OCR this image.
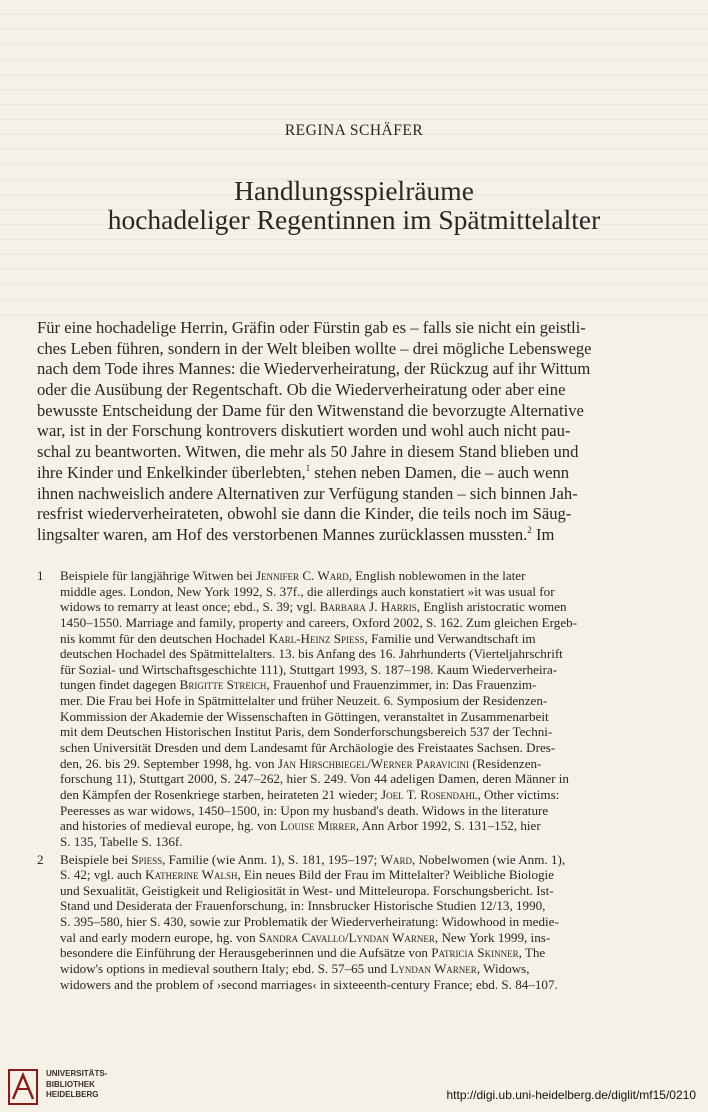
REGINA SCHÄFER
Handlungsspielräume
hochadeliger Regentinnen im Spätmittelalter
Für eine hochadelige Herrin, Gräfin oder Fürstin gab es – falls sie nicht ein geistli-
ches Leben führen, sondern in der Welt bleiben wollte – drei mögliche Lebenswege
nach dem Tode ihres Mannes: die Wiederverheiratung, der Rückzug auf ihr Wittum
oder die Ausübung der Regentschaft. Ob die Wiederverheiratung oder aber eine
bewusste Entscheidung der Dame für den Witwenstand die bevorzugte Alternative
war, ist in der Forschung kontrovers diskutiert worden und wohl auch nicht pau-
schal zu beantworten. Witwen, die mehr als 50 Jahre in diesem Stand blieben und
ihre Kinder und Enkelkinder überlebten,$^1$ stehen neben Damen, die – auch wenn
ihnen nachweislich andere Alternativen zur Verfügung standen – sich binnen Jah-
resfrist wiederverheirateten, obwohl sie dann die Kinder, die teils noch im Säug-
lingsalter waren, am Hof des verstorbenen Mannes zurücklassen mussten.$^2$ Im
1 Beispiele für langjährige Witwen bei Jennifer C. Ward, English noblewomen in the later
middle ages. London, New York 1992, S. 37f., die allerdings auch konstatiert »it was usual for
widows to remarry at least once; ebd., S. 39; vgl. Barbara J. Harris, English aristocratic women
1450–1550. Marriage and family, property and careers, Oxford 2002, S. 162. Zum gleichen Ergeb-
nis kommt für den deutschen Hochadel Karl-Heinz Spiess, Familie und Verwandtschaft im
deutschen Hochadel des Spätmittelalters. 13. bis Anfang des 16. Jahrhunderts (Vierteljahrschrift
für Sozial- und Wirtschaftsgeschichte 111), Stuttgart 1993, S. 187–198. Kaum Wiederverheira-
tungen findet dagegen Brigitte Streich, Frauenhof und Frauenzimmer, in: Das Frauenzim-
mer. Die Frau bei Hofe in Spätmittelalter und früher Neuzeit. 6. Symposium der Residenzen-
Kommission der Akademie der Wissenschaften in Göttingen, veranstaltet in Zusammenarbeit
mit dem Deutschen Historischen Institut Paris, dem Sonderforschungsbereich 537 der Techni-
schen Universität Dresden und dem Landesamt für Archäologie des Freistaates Sachsen. Dres-
den, 26. bis 29. September 1998, hg. von Jan Hirschbiegel/Werner Paravicini (Residenzen-
forschung 11), Stuttgart 2000, S. 247–262, hier S. 249. Von 44 adeligen Damen, deren Männer in
den Kämpfen der Rosenkriege starben, heirateten 21 wieder; Joel T. Rosendahl, Other victims:
Peeresses as war widows, 1450–1500, in: Upon my husband's death. Widows in the literature
and histories of medieval europe, hg. von Louise Mirrer, Ann Arbor 1992, S. 131–152, hier
S. 135, Tabelle S. 136f.
2 Beispiele bei Spiess, Familie (wie Anm. 1), S. 181, 195–197; Ward, Nobelwomen (wie Anm. 1),
S. 42; vgl. auch Katherine Walsh, Ein neues Bild der Frau im Mittelalter? Weibliche Biologie
und Sexualität, Geistigkeit und Religiosität in West- und Mitteleuropa. Forschungsbericht. Ist-
Stand und Desiderata der Frauenforschung, in: Innsbrucker Historische Studien 12/13, 1990,
S. 395–580, hier S. 430, sowie zur Problematik der Wiederverheiratung: Widowhood in medie-
val and early modern europe, hg. von Sandra Cavallo/Lyndan Warner, New York 1999, ins-
besondere die Einführung der Herausgeberinnen und die Aufsätze von Patricia Skinner, The
widow's options in medieval southern Italy; ebd. S. 57–65 und Lyndan Warner, Widows,
widowers and the problem of ›second marriages‹ in sixteeenth-century France; ebd. S. 84–107.
UNIVERSITÄTS-
BIBLIOTHEK
HEIDELBERG	http://digi.ub.uni-heidelberg.de/diglit/mf15/0210
